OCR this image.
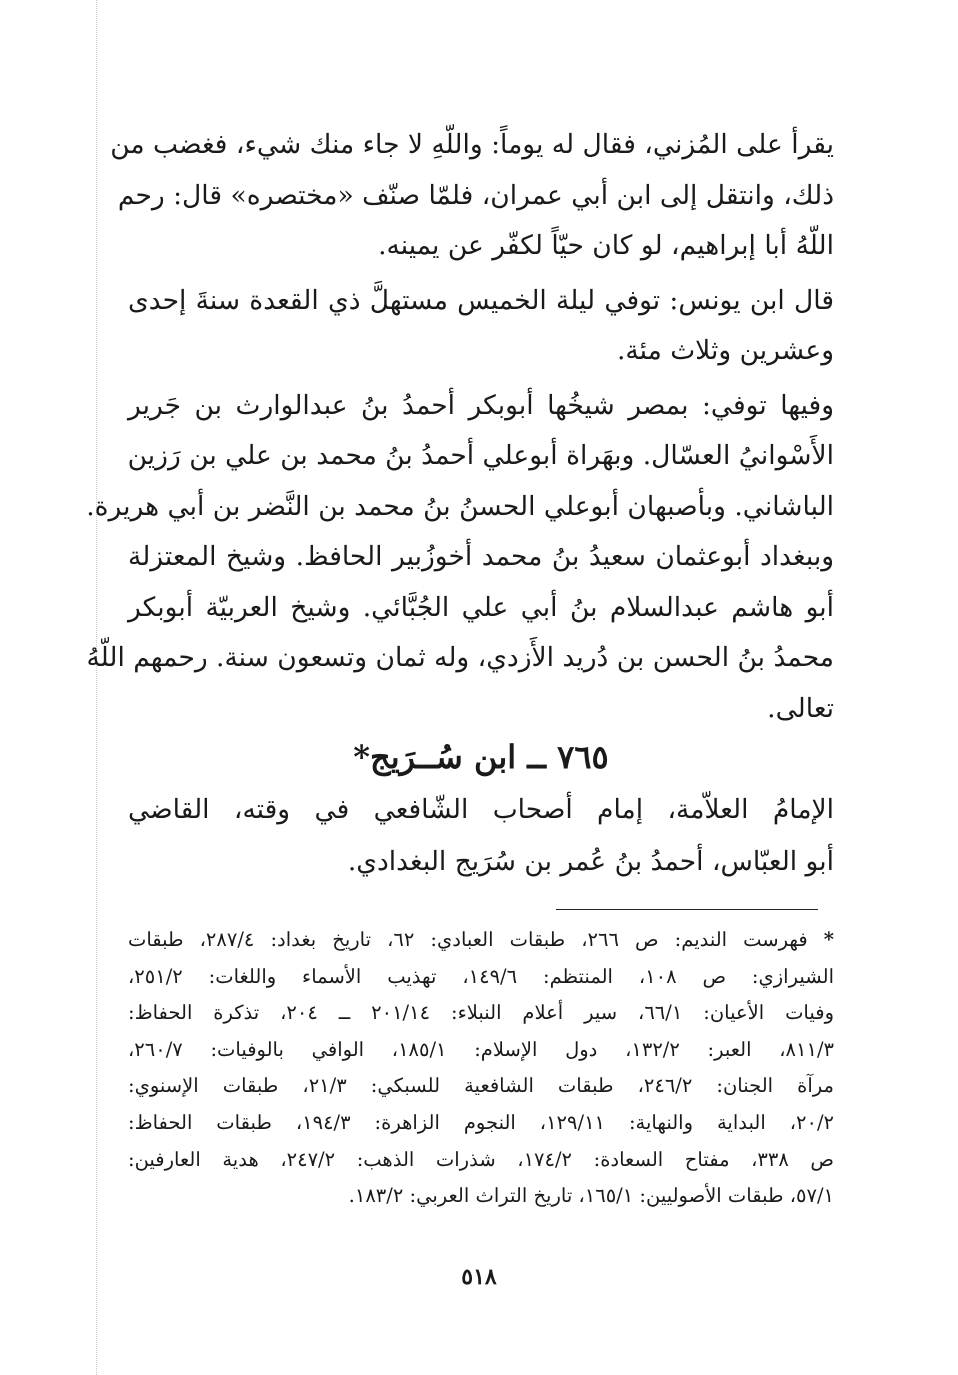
يقرأ على المُزني، فقال له يوماً: واللّهِ لا جاء منك شيء، فغضب من
ذلك، وانتقل إلى ابن أبي عمران، فلمّا صنّف «مختصره» قال: رحم
اللّهُ أبا إبراهيم، لو كان حيّاً لكفّر عن يمينه.

قال ابن يونس: توفي ليلة الخميس مستهلَّ ذي القعدة سنةَ إحدى
وعشرين وثلاث مئة.

وفيها توفي: بمصر شيخُها أبوبكر أحمدُ بنُ عبدالوارث بن جَرير
الأَسْوانيُ العسّال. وبهَراة أبوعلي أحمدُ بنُ محمد بن علي بن رَزين
الباشاني. وبأصبهان أبوعلي الحسنُ بنُ محمد بن النَّضر بن أبي هريرة.
وببغداد أبوعثمان سعيدُ بنُ محمد أخوزُبير الحافظ. وشيخ المعتزلة
أبو هاشم عبدالسلام بنُ أبي علي الجُبَّائي. وشيخ العربيّة أبوبكر
محمدُ بنُ الحسن بن دُريد الأَزدي، وله ثمان وتسعون سنة. رحمهم اللّهُ
تعالى.

٧٦٥ ــ ابن سُــرَيج*
الإمامُ العلاّمة، إمام أصحاب الشّافعي في وقته، القاضي
أبو العبّاس، أحمدُ بنُ عُمر بن سُرَيج البغدادي.
* فهرست النديم: ص ٢٦٦، طبقات العبادي: ٦٢، تاريخ بغداد: ٢٨٧/٤، طبقات
الشيرازي: ص ١٠٨، المنتظم: ١٤٩/٦، تهذيب الأسماء واللغات: ٢٥١/٢،
وفيات الأعيان: ٦٦/١، سير أعلام النبلاء: ٢٠١/١٤ ــ ٢٠٤، تذكرة الحفاظ:
٨١١/٣، العبر: ١٣٢/٢، دول الإسلام: ١٨٥/١، الوافي بالوفيات: ٢٦٠/٧،
مرآة الجنان: ٢٤٦/٢، طبقات الشافعية للسبكي: ٢١/٣، طبقات الإسنوي:
٢٠/٢، البداية والنهاية: ١٢٩/١١، النجوم الزاهرة: ١٩٤/٣، طبقات الحفاظ:
ص ٣٣٨، مفتاح السعادة: ١٧٤/٢، شذرات الذهب: ٢٤٧/٢، هدية العارفين:
٥٧/١، طبقات الأصوليين: ١٦٥/١، تاريخ التراث العربي: ١٨٣/٢.
٥١٨
